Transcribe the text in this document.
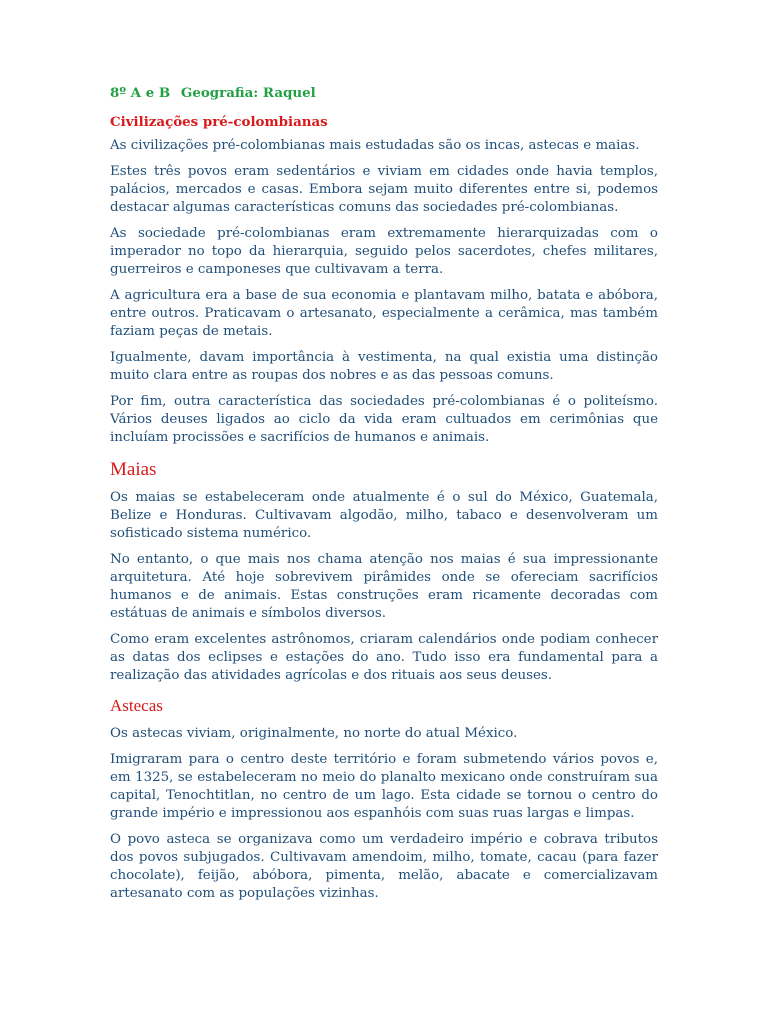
8º A e B Geografia: Raquel
Civilizações pré-colombianas

As civilizações pré-colombianas mais estudadas são os incas, astecas e maias.

Estes três povos eram sedentários e viviam em cidades onde havia templos, palácios, mercados e casas. Embora sejam muito diferentes entre si, podemos destacar algumas características comuns das sociedades pré-colombianas.

As sociedade pré-colombianas eram extremamente hierarquizadas com o imperador no topo da hierarquia, seguido pelos sacerdotes, chefes militares, guerreiros e camponeses que cultivavam a terra.

A agricultura era a base de sua economia e plantavam milho, batata e abóbora, entre outros. Praticavam o artesanato, especialmente a cerâmica, mas também faziam peças de metais.

Igualmente, davam importância à vestimenta, na qual existia uma distinção muito clara entre as roupas dos nobres e as das pessoas comuns.

Por fim, outra característica das sociedades pré-colombianas é o politeísmo. Vários deuses ligados ao ciclo da vida eram cultuados em cerimônias que incluíam procissões e sacrifícios de humanos e animais.

Maias

Os maias se estabeleceram onde atualmente é o sul do México, Guatemala, Belize e Honduras. Cultivavam algodão, milho, tabaco e desenvolveram um sofisticado sistema numérico.

No entanto, o que mais nos chama atenção nos maias é sua impressionante arquitetura. Até hoje sobrevivem pirâmides onde se ofereciam sacrifícios humanos e de animais. Estas construções eram ricamente decoradas com estátuas de animais e símbolos diversos.

Como eram excelentes astrônomos, criaram calendários onde podiam conhecer as datas dos eclipses e estações do ano. Tudo isso era fundamental para a realização das atividades agrícolas e dos rituais aos seus deuses.

Astecas

Os astecas viviam, originalmente, no norte do atual México.

Imigraram para o centro deste território e foram submetendo vários povos e, em 1325, se estabeleceram no meio do planalto mexicano onde construíram sua capital, Tenochtitlan, no centro de um lago. Esta cidade se tornou o centro do grande império e impressionou aos espanhóis com suas ruas largas e limpas.

O povo asteca se organizava como um verdadeiro império e cobrava tributos dos povos subjugados. Cultivavam amendoim, milho, tomate, cacau (para fazer chocolate), feijão, abóbora, pimenta, melão, abacate e comercializavam artesanato com as populações vizinhas.
